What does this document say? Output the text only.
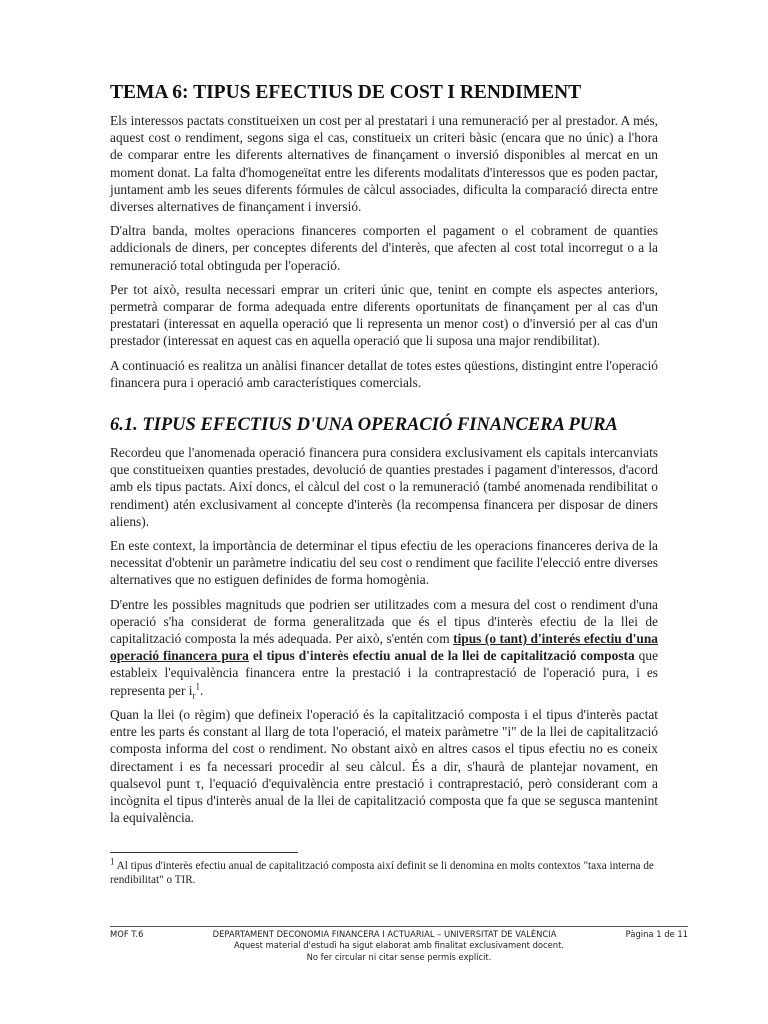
TEMA 6: TIPUS EFECTIUS DE COST I RENDIMENT

Els interessos pactats constitueixen un cost per al prestatari i una remuneració per al prestador. A més, aquest cost o rendiment, segons siga el cas, constitueix un criteri bàsic (encara que no únic) a l'hora de comparar entre les diferents alternatives de finançament o inversió disponibles al mercat en un moment donat. La falta d'homogeneïtat entre les diferents modalitats d'interessos que es poden pactar, juntament amb les seues diferents fórmules de càlcul associades, dificulta la comparació directa entre diverses alternatives de finançament i inversió.

D'altra banda, moltes operacions financeres comporten el pagament o el cobrament de quanties addicionals de diners, per conceptes diferents del d'interès, que afecten al cost total incorregut o a la remuneració total obtinguda per l'operació.

Per tot això, resulta necessari emprar un criteri únic que, tenint en compte els aspectes anteriors, permetrà comparar de forma adequada entre diferents oportunitats de finançament per al cas d'un prestatari (interessat en aquella operació que li representa un menor cost) o d'inversió per al cas d'un prestador (interessat en aquest cas en aquella operació que li suposa una major rendibilitat).

A continuació es realitza un anàlisi financer detallat de totes estes qüestions, distingint entre l'operació financera pura i operació amb característiques comercials.

6.1. TIPUS EFECTIUS D'UNA OPERACIÓ FINANCERA PURA

Recordeu que l'anomenada operació financera pura considera exclusivament els capitals intercanviats que constitueixen quanties prestades, devolució de quanties prestades i pagament d'interessos, d'acord amb els tipus pactats. Així doncs, el càlcul del cost o la remuneració (també anomenada rendibilitat o rendiment) atén exclusivament al concepte d'interès (la recompensa financera per disposar de diners aliens).

En este context, la importància de determinar el tipus efectiu de les operacions financeres deriva de la necessitat d'obtenir un paràmetre indicatiu del seu cost o rendiment que facilite l'elecció entre diverses alternatives que no estiguen definides de forma homogènia.

D'entre les possibles magnituds que podrien ser utilitzades com a mesura del cost o rendiment d'una operació s'ha considerat de forma generalitzada que és el tipus d'interès efectiu de la llei de capitalització composta la més adequada. Per això, s'entén com tipus (o tant) d'interés efectiu d'una operació financera pura el tipus d'interès efectiu anual de la llei de capitalització composta que estableix l'equivalència financera entre la prestació i la contraprestació de l'operació pura, i es representa per $i_r^1$.

Quan la llei (o règim) que defineix l'operació és la capitalització composta i el tipus d'interès pactat entre les parts és constant al llarg de tota l'operació, el mateix paràmetre "i" de la llei de capitalització composta informa del cost o rendiment. No obstant això en altres casos el tipus efectiu no es coneix directament i es fa necessari procedir al seu càlcul. És a dir, s'haurà de plantejar novament, en qualsevol punt τ, l'equació d'equivalència entre prestació i contraprestació, però considerant com a incògnita el tipus d'interès anual de la llei de capitalització composta que fa que se segusca mantenint la equivalència.

$^1$ Al tipus d'interès efectiu anual de capitalització composta així definit se li denomina en molts contextos "taxa interna de rendibilitat" o TIR.

MOF T.6	DEPARTAMENT DECONOMIA FINANCERA I ACTUARIAL – UNIVERSITAT DE VALÈNCIA	Pàgina 1 de 11
Aquest material d'estudi ha sigut elaborat amb finalitat exclusivament docent.
No fer circular ni citar sense permís explícit.
